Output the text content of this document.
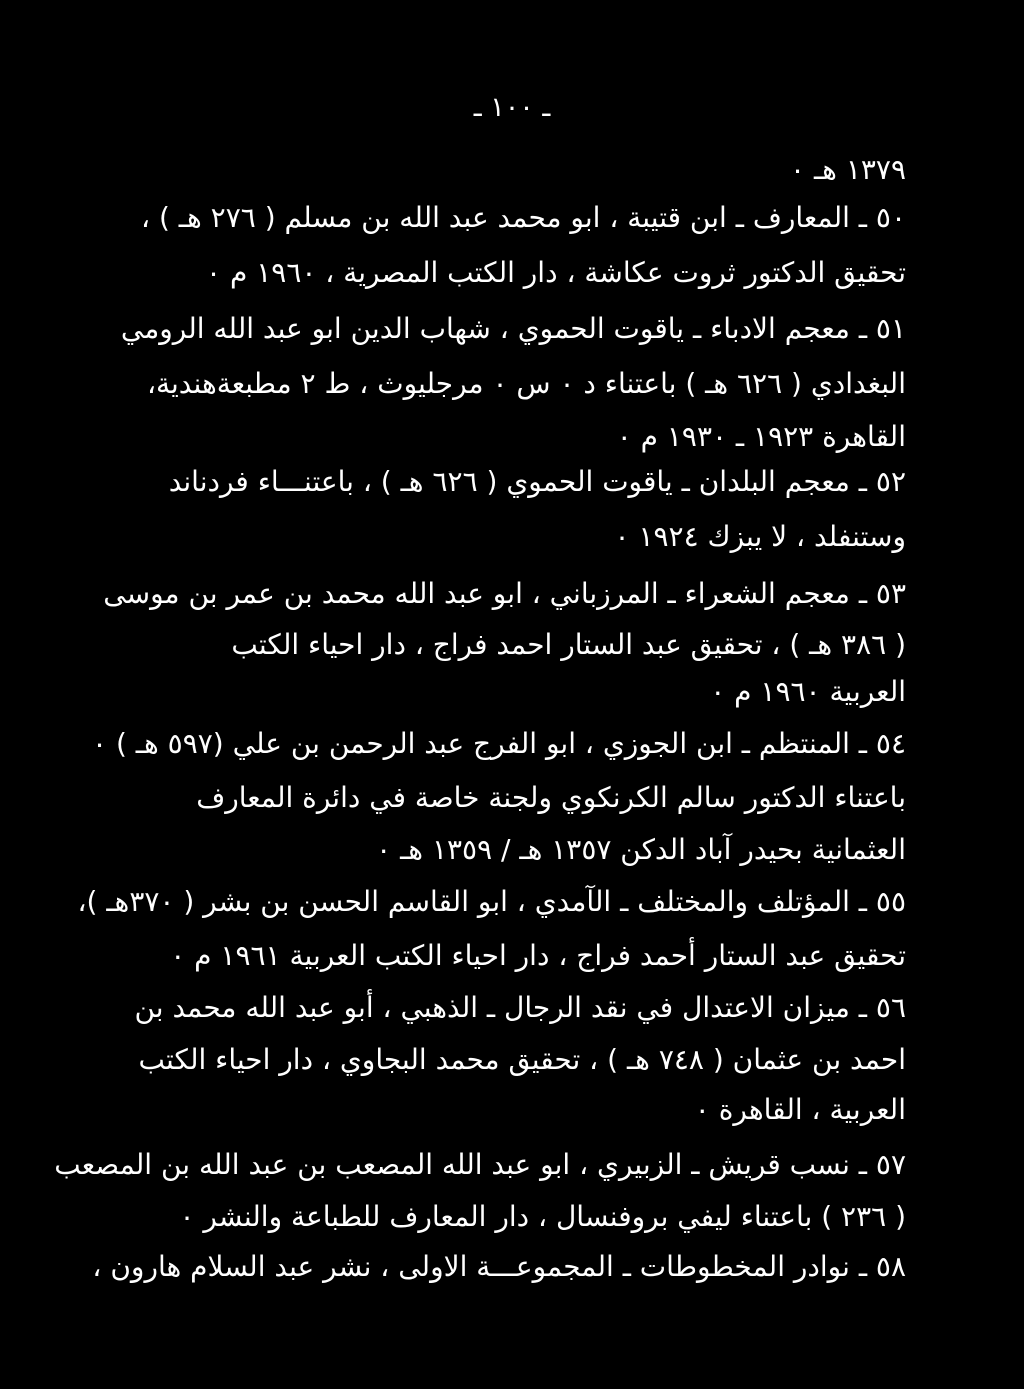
ـ ١٠٠ ـ
١٣٧٩ هـ ٠
٥٠ ـ المعارف ـ ابن قتيبة ، ابو محمد عبد الله بن مسلم ( ٢٧٦ هـ ) ،
تحقيق الدكتور ثروت عكاشة ، دار الكتب المصرية ، ١٩٦٠ م ٠
٥١ ـ معجم الادباء ـ ياقوت الحموي ، شهاب الدين ابو عبد الله الرومي
البغدادي ( ٦٢٦ هـ ) باعتناء د ٠ س ٠ مرجليوث ، ط ٢ مطبعةهندية،
القاهرة ١٩٢٣ ـ ١٩٣٠ م ٠
٥٢ ـ معجم البلدان ـ ياقوت الحموي ( ٦٢٦ هـ ) ، باعتنـــاء فردناند
وستنفلد ، لا يبزك ١٩٢٤ ٠
٥٣ ـ معجم الشعراء ـ المرزباني ، ابو عبد الله محمد بن عمر بن موسى
( ٣٨٦ هـ ) ، تحقيق عبد الستار احمد فراج ، دار احياء الكتب
العربية ١٩٦٠ م ٠
٥٤ ـ المنتظم ـ ابن الجوزي ، ابو الفرج عبد الرحمن بن علي (٥٩٧ هـ ) ٠
باعتناء الدكتور سالم الكرنكوي ولجنة خاصة في دائرة المعارف
العثمانية بحيدر آباد الدكن ١٣٥٧ هـ / ١٣٥٩ هـ ٠
٥٥ ـ المؤتلف والمختلف ـ الآمدي ، ابو القاسم الحسن بن بشر ( ٣٧٠هـ )،
تحقيق عبد الستار أحمد فراج ، دار احياء الكتب العربية ١٩٦١ م ٠
٥٦ ـ ميزان الاعتدال في نقد الرجال ـ الذهبي ، أبو عبد الله محمد بن
احمد بن عثمان ( ٧٤٨ هـ ) ، تحقيق محمد البجاوي ، دار احياء الكتب
العربية ، القاهرة ٠
٥٧ ـ نسب قريش ـ الزبيري ، ابو عبد الله المصعب بن عبد الله بن المصعب
( ٢٣٦ ) باعتناء ليفي بروفنسال ، دار المعارف للطباعة والنشر ٠
٥٨ ـ نوادر المخطوطات ـ المجموعـــة الاولى ، نشر عبد السلام هارون ،
